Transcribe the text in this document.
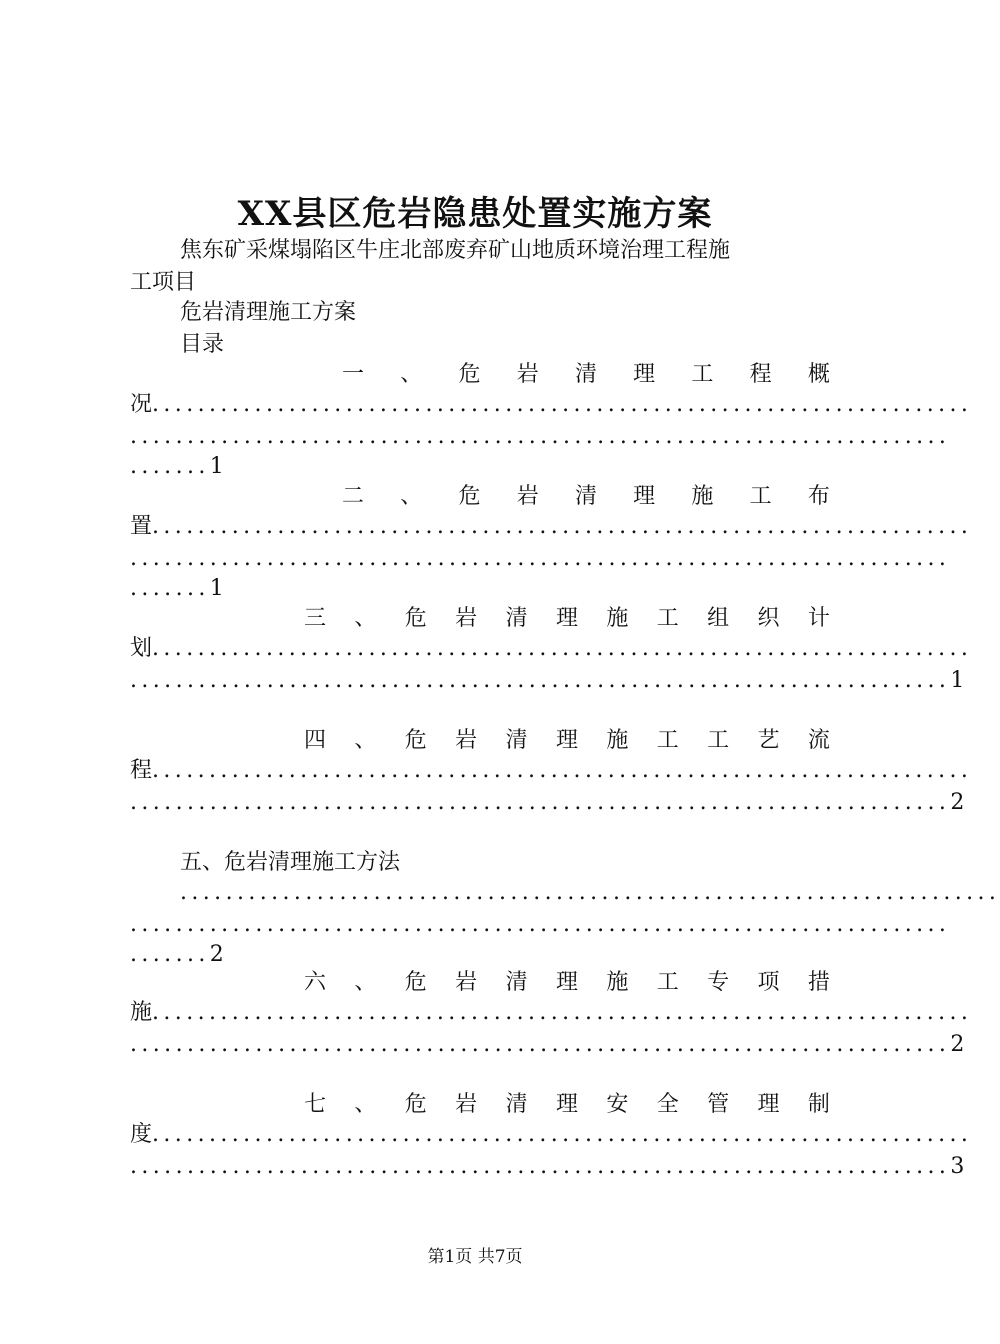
XX县区危岩隐患处置实施方案
焦东矿采煤塌陷区牛庄北部废弃矿山地质环境治理工程施
工项目
危岩清理施工方案
目录
一 、 危 岩 清 理 工 程 概
况 ........................................................................
........................................................................
.......1
二 、 危 岩 清 理 施 工 布
置 ........................................................................
........................................................................
.......1
三 、 危 岩 清 理 施 工 组 织 计
划 ........................................................................
........................................................................ 1
四 、 危 岩 清 理 施 工 工 艺 流
程 ........................................................................
........................................................................ 2
五、危岩清理施工方法
........................................................................
........................................................................
.......2
六 、 危 岩 清 理 施 工 专 项 措
施 ........................................................................
........................................................................ 2
七 、 危 岩 清 理 安 全 管 理 制
度 ........................................................................
........................................................................ 3
第1页 共7页
